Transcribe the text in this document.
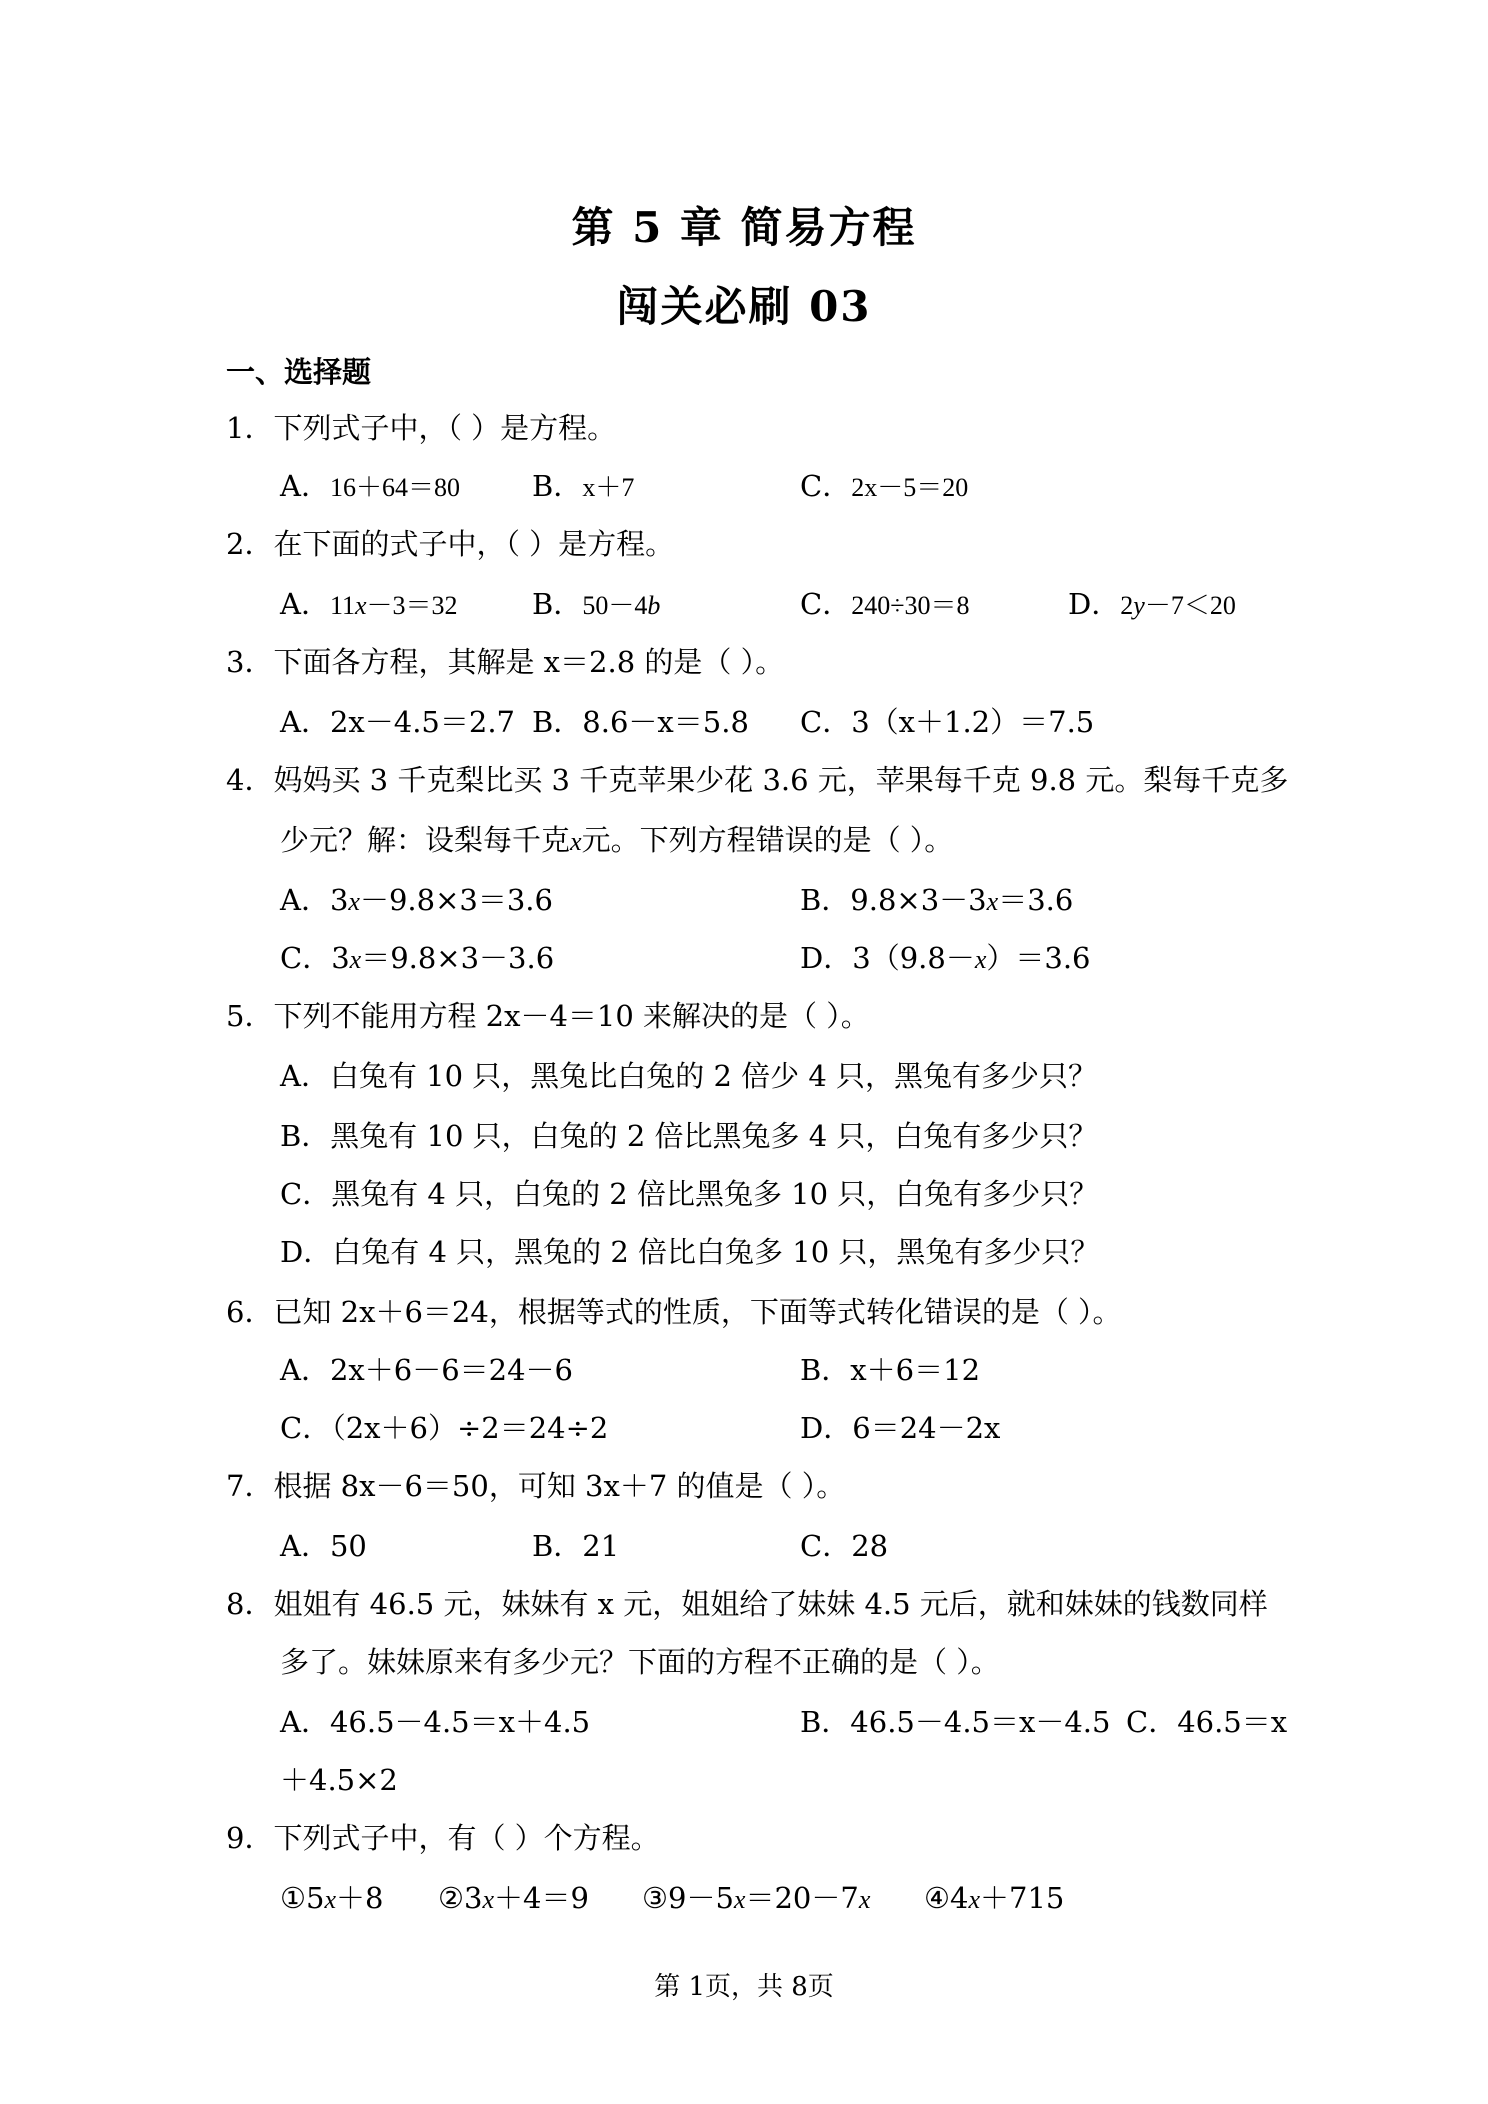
第 5 章 简易方程
闯关必刷 03
一、选择题
1．下列式子中，（ ）是方程。
A．16＋64＝80 B．x＋7	C．2x－5＝20
2．在下面的式子中，（ ）是方程。
A．11x－3＝32	B．50－4b	C．240÷30＝8	D．2y－7＜20
3．下面各方程，其解是 x＝2.8 的是（ ）。
A．2x－4.5＝2.7 B．8.6－x＝5.8 C．3（x＋1.2）＝7.5
4．妈妈买 3 千克梨比买 3 千克苹果少花 3.6 元，苹果每千克 9.8 元。梨每千克多
少元？解：设梨每千克x元。下列方程错误的是（ ）。
A．3x－9.8×3＝3.6	B．9.8×3－3x＝3.6
C．3x＝9.8×3－3.6	D．3（9.8－x）＝3.6
5．下列不能用方程 2x－4＝10 来解决的是（ ）。
A．白兔有 10 只，黑兔比白兔的 2 倍少 4 只，黑兔有多少只？
B．黑兔有 10 只，白兔的 2 倍比黑兔多 4 只，白兔有多少只？
C．黑兔有 4 只，白兔的 2 倍比黑兔多 10 只，白兔有多少只？
D．白兔有 4 只，黑兔的 2 倍比白兔多 10 只，黑兔有多少只？
6．已知 2x＋6＝24，根据等式的性质，下面等式转化错误的是（ ）。
A．2x＋6－6＝24－6	B．x＋6＝12
C．（2x＋6）÷2＝24÷2	D．6＝24－2x
7．根据 8x－6＝50，可知 3x＋7 的值是（ ）。
A．50	B．21	C．28
8．姐姐有 46.5 元，妹妹有 x 元，姐姐给了妹妹 4.5 元后，就和妹妹的钱数同样
多了。妹妹原来有多少元？下面的方程不正确的是（ ）。
A．46.5－4.5＝x＋4.5	B．46.5－4.5＝x－4.5 C．46.5＝x
＋4.5×2
9．下列式子中，有（ ）个方程。
①5x＋8 ②3x＋4＝9 ③9－5x＝20－7x ④4x＋715
第 1页，共 8页
